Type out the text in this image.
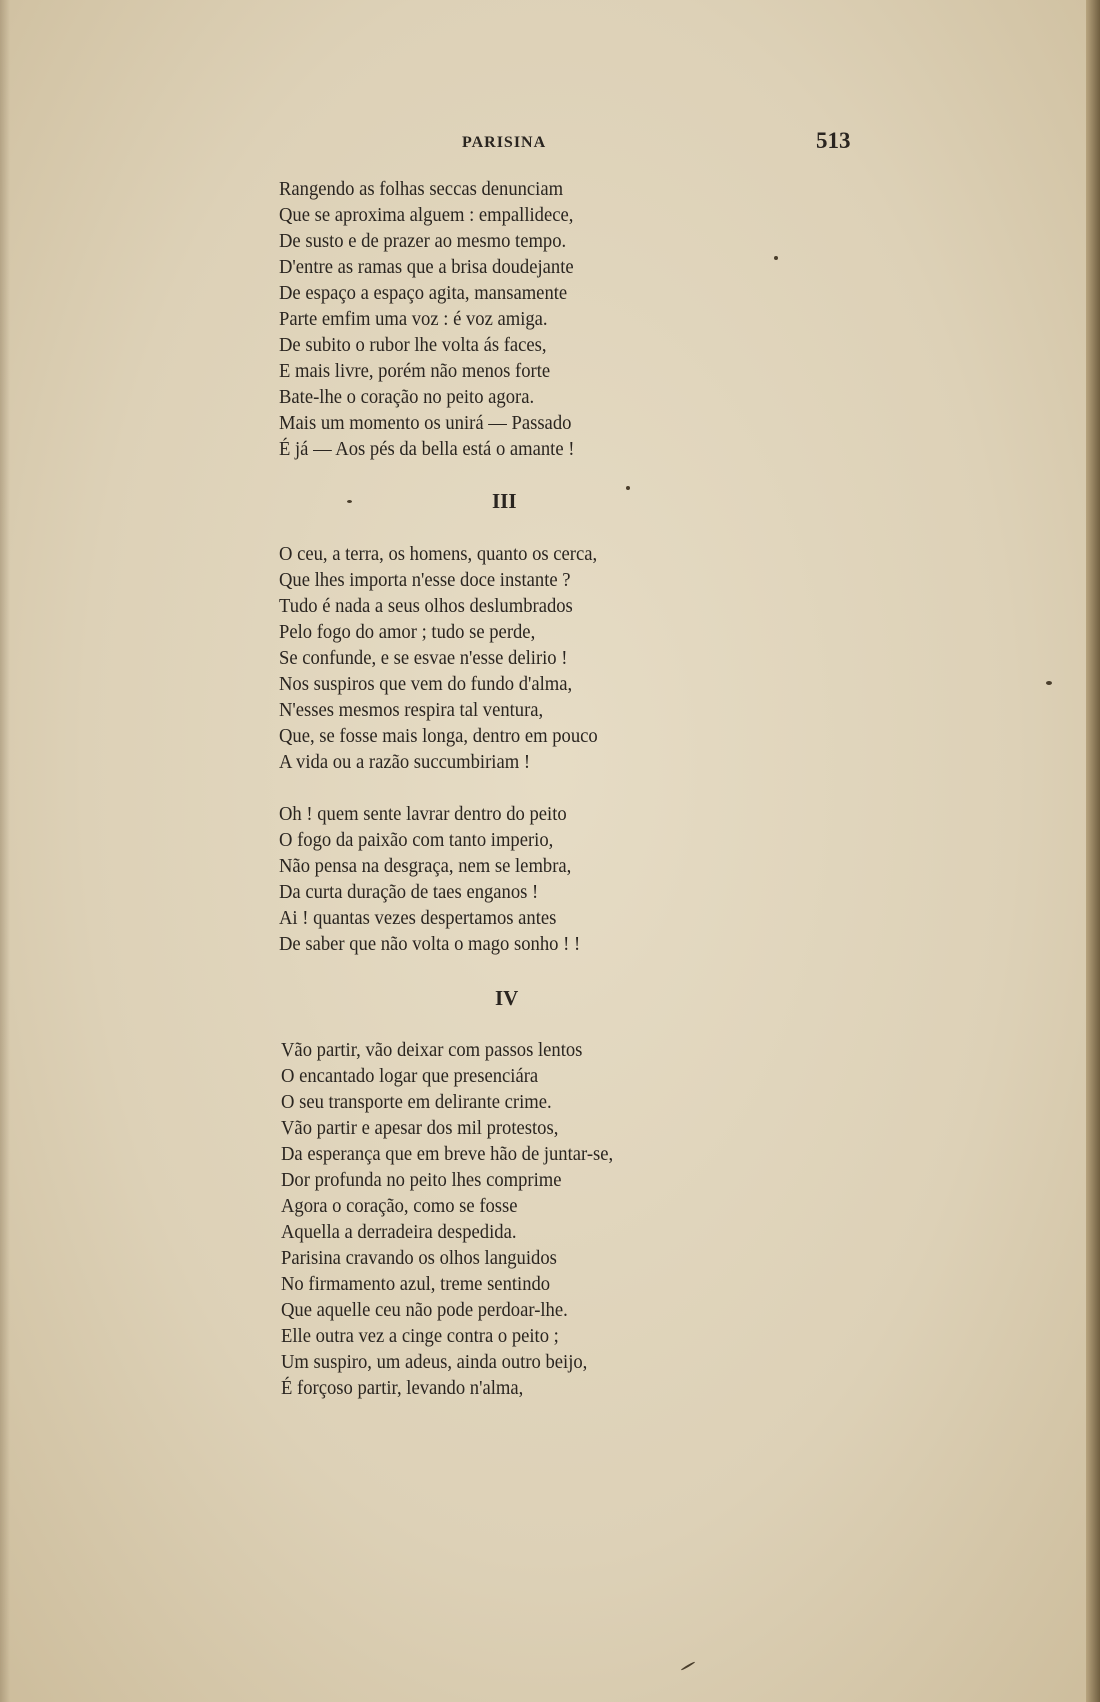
PARISINA	513
Rangendo as folhas seccas denunciam
Que se aproxima alguem : empallidece,
De susto e de prazer ao mesmo tempo.
D'entre as ramas que a brisa doudejante
De espaço a espaço agita, mansamente
Parte emfim uma voz : é voz amiga.
De subito o rubor lhe volta ás faces,
E mais livre, porém não menos forte
Bate-lhe o coração no peito agora.
Mais um momento os unirá — Passado
É já — Aos pés da bella está o amante !
III
O ceu, a terra, os homens, quanto os cerca,
Que lhes importa n'esse doce instante ?
Tudo é nada a seus olhos deslumbrados
Pelo fogo do amor ; tudo se perde,
Se confunde, e se esvae n'esse delirio !
Nos suspiros que vem do fundo d'alma,
N'esses mesmos respira tal ventura,
Que, se fosse mais longa, dentro em pouco
A vida ou a razão succumbiriam !
Oh ! quem sente lavrar dentro do peito
O fogo da paixão com tanto imperio,
Não pensa na desgraça, nem se lembra,
Da curta duração de taes enganos !
Ai ! quantas vezes despertamos antes
De saber que não volta o mago sonho ! !
IV
Vão partir, vão deixar com passos lentos
O encantado logar que presenciára
O seu transporte em delirante crime.
Vão partir e apesar dos mil protestos,
Da esperança que em breve hão de juntar-se,
Dor profunda no peito lhes comprime
Agora o coração, como se fosse
Aquella a derradeira despedida.
Parisina cravando os olhos languidos
No firmamento azul, treme sentindo
Que aquelle ceu não pode perdoar-lhe.
Elle outra vez a cinge contra o peito ;
Um suspiro, um adeus, ainda outro beijo,
É forçoso partir, levando n'alma,
